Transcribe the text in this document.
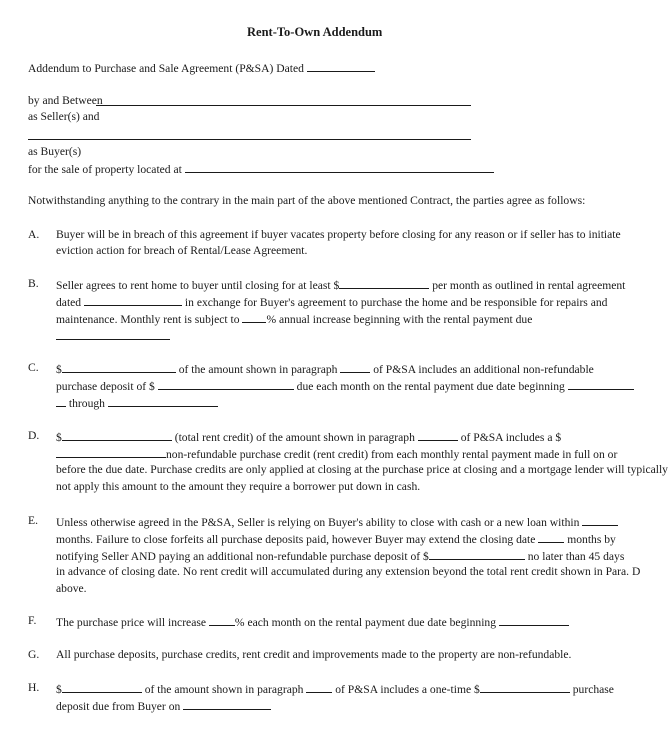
Rent-To-Own Addendum
Addendum to Purchase and Sale Agreement (P&SA) Dated
by and Between
as Seller(s) and
as Buyer(s)
for the sale of property located at
Notwithstanding anything to the contrary in the main part of the above mentioned Contract, the parties agree as follows:
A. Buyer will be in breach of this agreement if buyer vacates property before closing for any reason or if seller has to initiate
eviction action for breach of Rental/Lease Agreement.
B. Seller agrees to rent home to buyer until closing for at least $	per month as outlined in rental agreement
dated	in exchange for Buyer's agreement to purchase the home and be responsible for repairs and
maintenance. Monthly rent is subject to % annual increase beginning with the rental payment due
C. $	of the amount shown in paragraph	of P&SA includes an additional non-refundable
purchase deposit of $	due each month on the rental payment due date beginning
through
D. $	(total rent credit) of the amount shown in paragraph	of P&SA includes a $
non-refundable purchase credit (rent credit) from each monthly rental payment made in full on or
before the due date. Purchase credits are only applied at closing at the purchase price at closing and a mortgage lender will typically
not apply this amount to the amount they require a borrower put down in cash.
E. Unless otherwise agreed in the P&SA, Seller is relying on Buyer's ability to close with cash or a new loan within
months. Failure to close forfeits all purchase deposits paid, however Buyer may extend the closing date	months by
notifying Seller AND paying an additional non-refundable purchase deposit of $	no later than 45 days
in advance of closing date. No rent credit will accumulated during any extension beyond the total rent credit shown in Para. D
above.
F. The purchase price will increase % each month on the rental payment due date beginning
G. All purchase deposits, purchase credits, rent credit and improvements made to the property are non-refundable.
H. $	of the amount shown in paragraph	of P&SA includes a one-time $	purchase
deposit due from Buyer on
